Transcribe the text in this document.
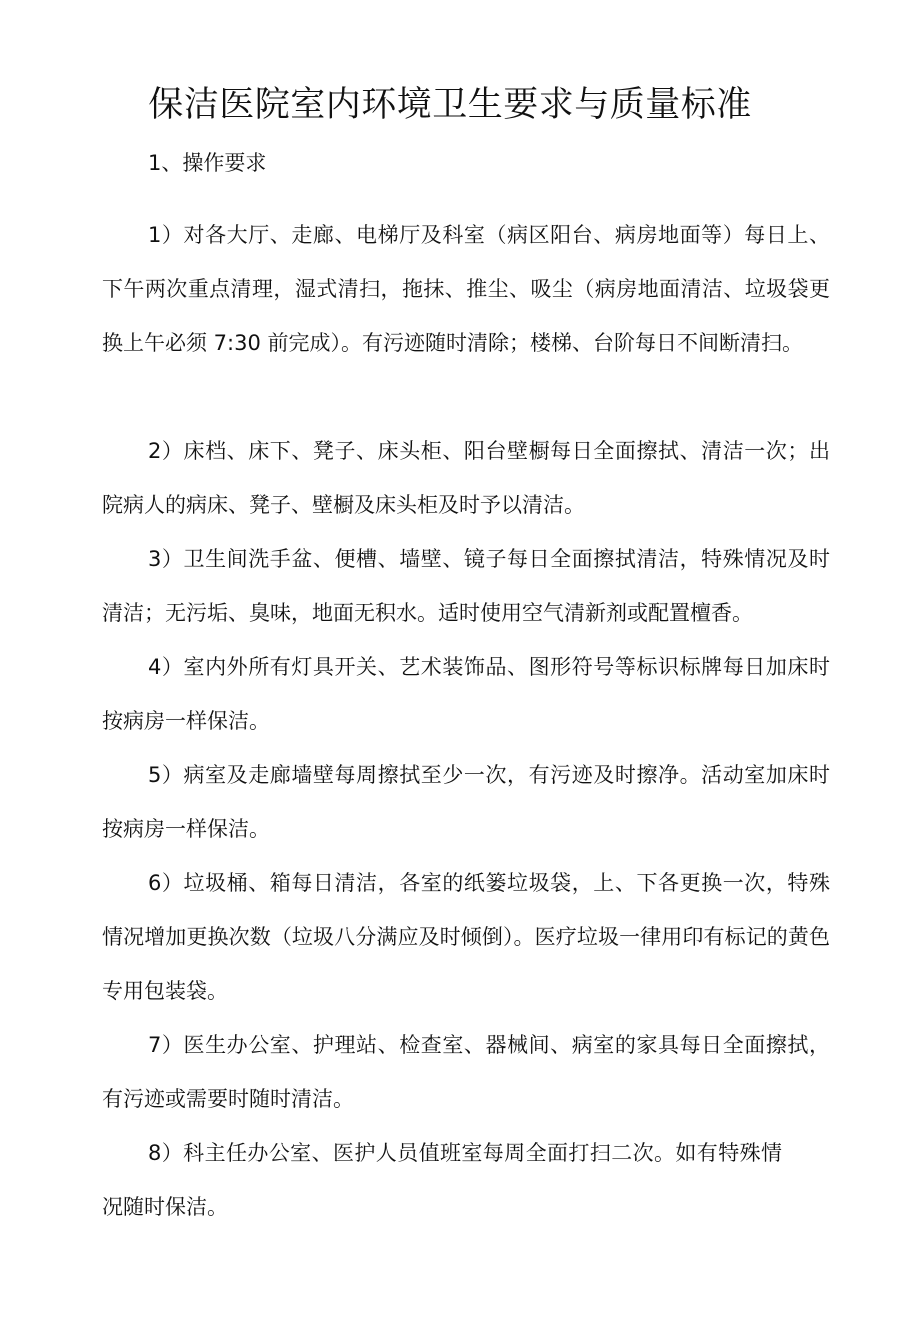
保洁医院室内环境卫生要求与质量标准

1、操作要求

1）对各大厅、走廊、电梯厅及科室（病区阳台、病房地面等）每日上、下午两次重点清理，湿式清扫，拖抹、推尘、吸尘（病房地面清洁、垃圾袋更换上午必须 7:30 前完成）。有污迹随时清除；楼梯、台阶每日不间断清扫。

2）床档、床下、凳子、床头柜、阳台壁橱每日全面擦拭、清洁一次；出院病人的病床、凳子、壁橱及床头柜及时予以清洁。

3）卫生间洗手盆、便槽、墙壁、镜子每日全面擦拭清洁，特殊情况及时清洁；无污垢、臭味，地面无积水。适时使用空气清新剂或配置檀香。

4）室内外所有灯具开关、艺术装饰品、图形符号等标识标牌每日加床时按病房一样保洁。

5）病室及走廊墙壁每周擦拭至少一次，有污迹及时擦净。活动室加床时按病房一样保洁。

6）垃圾桶、箱每日清洁，各室的纸篓垃圾袋，上、下各更换一次，特殊情况增加更换次数（垃圾八分满应及时倾倒）。医疗垃圾一律用印有标记的黄色专用包装袋。

7）医生办公室、护理站、检查室、器械间、病室的家具每日全面擦拭，有污迹或需要时随时清洁。

8）科主任办公室、医护人员值班室每周全面打扫二次。如有特殊情况随时保洁。
